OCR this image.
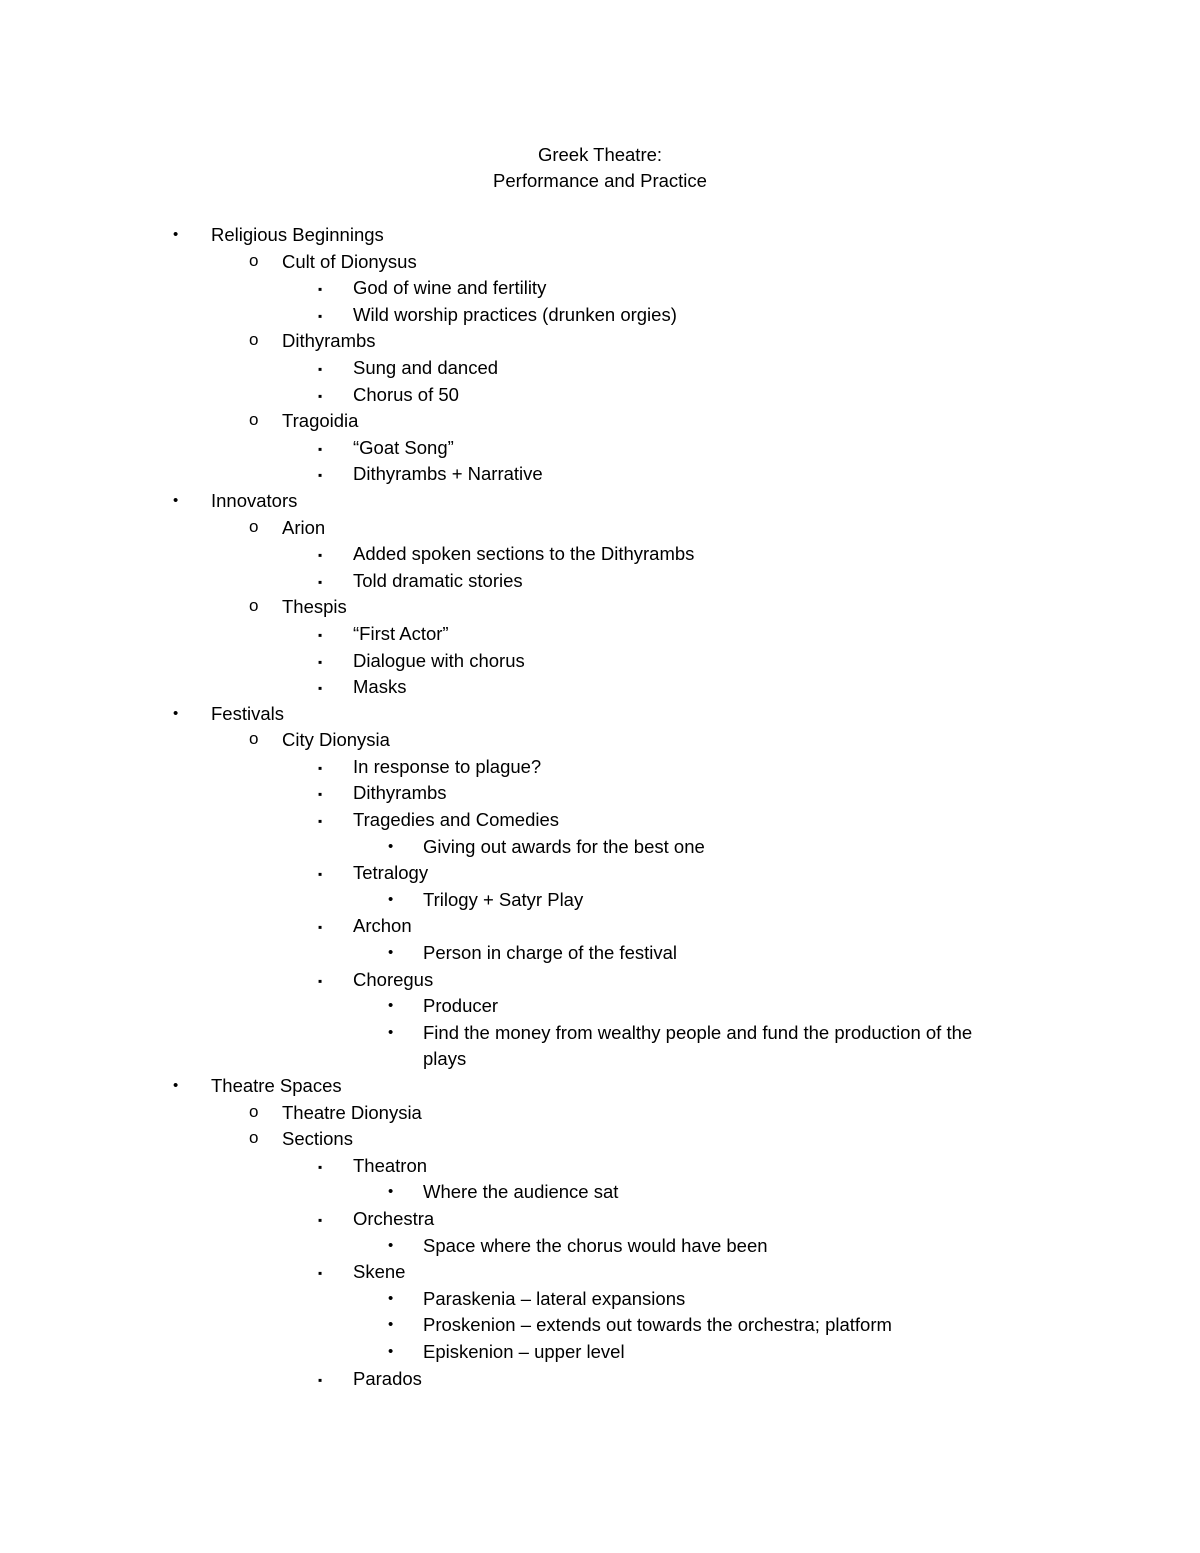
Greek Theatre:
Performance and Practice
• Religious Beginnings
o Cult of Dionysus
▪ God of wine and fertility
▪ Wild worship practices (drunken orgies)
o Dithyrambs
▪ Sung and danced
▪ Chorus of 50
o Tragoidia
▪ “Goat Song”
▪ Dithyrambs + Narrative
• Innovators
o Arion
▪ Added spoken sections to the Dithyrambs
▪ Told dramatic stories
o Thespis
▪ “First Actor”
▪ Dialogue with chorus
▪ Masks
• Festivals
o City Dionysia
▪ In response to plague?
▪ Dithyrambs
▪ Tragedies and Comedies
• Giving out awards for the best one
▪ Tetralogy
• Trilogy + Satyr Play
▪ Archon
• Person in charge of the festival
▪ Choregus
• Producer
• Find the money from wealthy people and fund the production of the
plays
• Theatre Spaces
o Theatre Dionysia
o Sections
▪ Theatron
• Where the audience sat
▪ Orchestra
• Space where the chorus would have been
▪ Skene
• Paraskenia – lateral expansions
• Proskenion – extends out towards the orchestra; platform
• Episkenion – upper level
▪ Parados
